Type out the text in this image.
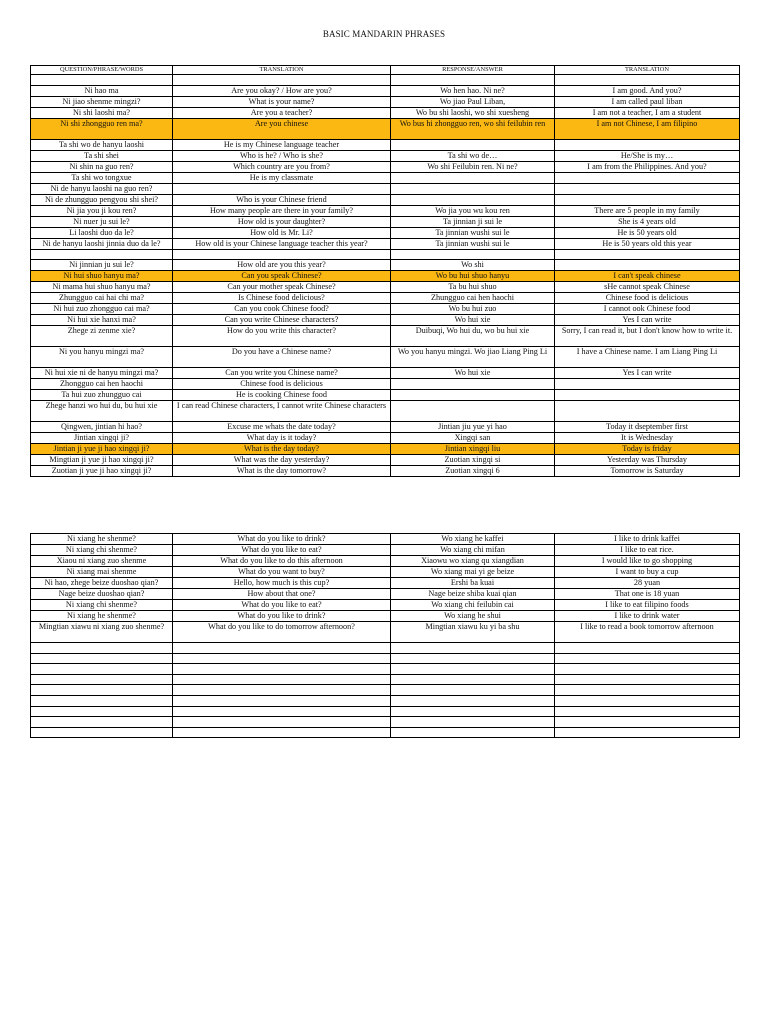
BASIC MANDARIN PHRASES
QUESTION/PHRASE/WORDS	TRANSLATION	RESPONSE/ANSWER	TRANSLATION

Ni hao ma	Are you okay? / How are you?	Wo hen hao. Ni ne?	I am good. And you?
Ni jiao shenme mingzi?	What is your name?	Wo jiao Paul Liban,	I am called paul liban
Ni shi laoshi ma?	Are you a teacher?	Wo bu shi laoshi, wo shi xuesheng	I am not a teacher, I am a student
Ni shi zhongguo ren ma?	Are you chinese	Wo bus hi zhongguo ren, wo shi feilubin ren	I am not Chinese, I am filipino
Ta shi wo de hanyu laoshi	He is my Chinese language teacher		
Ta shi shei	Who is he? / Who is she?	Ta shi wo de…	He/She is my…
Ni shin na guo ren?	Which country are you from?	Wo shi Feilubin ren. Ni ne?	I am from the Philippines. And you?
Ta shi wo tongxue	He is my classmate		
Ni de hanyu laoshi na guo ren?			
Ni de zhungguo pengyou shi shei?	Who is your Chinese friend		
Ni jia you ji kou ren?	How many people are there in your family?	Wo jia you wu kou ren	There are 5 people in my family
Ni nuer ju sui le?	How old is your daughter?	Ta jinnian ji sui le	She is 4 years old
Li laoshi duo da le?	How old is Mr. Li?	Ta jinnian wushi sui le	He is 50 years old
Ni de hanyu laoshi jinnia duo da le?	How old is your Chinese language teacher this year?	Ta jinnian wushi sui le	He is 50 years old this year

Ni jinnian ju sui le?	How old are you this year?	Wo shi	
Ni hui shuo hanyu ma?	Can you speak Chinese?	Wo bu hui shuo hanyu	I can't speak chinese
Ni mama hui shuo hanyu ma?	Can your mother speak Chinese?	Ta bu hui shuo	sHe cannot speak Chinese
Zhungguo cai hai chi ma?	Is Chinese food delicious?	Zhungguo cai hen haochi	Chinese food is delicious
Ni hui zuo zhongguo cai ma?	Can you cook Chinese food?	Wo bu hui zuo	I cannot ook Chinese food
Ni hui xie hanxi ma?	Can you write Chinese characters?	Wo hui xie	Yes I can write
Zhege zi zenme xie?	How do you write this character?	Duibuqi, Wo hui du, wo bu hui xie	Sorry, I can read it, but I don't know how to write it.
Ni you hanyu mingzi ma?	Do you have a Chinese name?	Wo you hanyu mingzi. Wo jiao Liang Ping Li	I have a Chinese name. I am Liang Ping Li
Ni hui xie ni de hanyu mingzi ma?	Can you write you Chinese name?	Wo hui xie	Yes I can write
Zhongguo cai hen haochi	Chinese food is delicious		
Ta hui zuo zhungguo cai	He is cooking Chinese food		
Zhege hanzi wo hui du, bu hui xie	I can read Chinese characters, I cannot write Chinese characters		
Qingwen, jintian hi hao?	Excuse me whats the date today?	Jintian jiu yue yi hao	Today it dseptember first
Jintian xingqi ji?	What day is it today?	Xingqi san	It is Wednesday
Jintian ji yue ji hao xingqi ji?	What is the day today?	Jintian xingqi liu	Today is friday
Mingtian ji yue ji hao xingqi ji?	What was the day yesterday?	Zuotian xingqi si	Yesterday was Thursday
Zuotian ji yue ji hao xingqi ji?	What is the day tomorrow?	Zuotian xingqi 6	Tomorrow is Saturday
Ni xiang he shenme?	What do you like to drink?	Wo xiang he kaffei	I like to drink kaffei
Ni xiang chi shenme?	What do you like to eat?	Wo xiang chi mifan	I like to eat rice.
Xiaou ni xiang zuo shenme	What do you like to do this afternoon	Xiaowu wo xiang qu xiangdian	I would like to go shopping
Ni xiang mai shenme	What do you want to buy?	Wo xiang mai yi ge beize	I want to buy a cup
Ni hao, zhege beize duoshao qian?	Hello, how much is this cup?	Ershi ba kuai	28 yuan
Nage beize duoshao qian?	How about that one?	Nage beize shiba kuai qian	That one is 18 yuan
Ni xiang chi shenme?	What do you like to eat?	Wo xiang chi feilubin cai	I like to eat filipino foods
Ni xiang he shenme?	What do you like to drink?	Wo xiang he shui	I like to drink water
Mingtian xiawu ni xiang zuo shenme?	What do you like to do tomorrow afternoon?	Mingtian xiawu ku yi ba shu	I like to read a book tomorrow afternoon
